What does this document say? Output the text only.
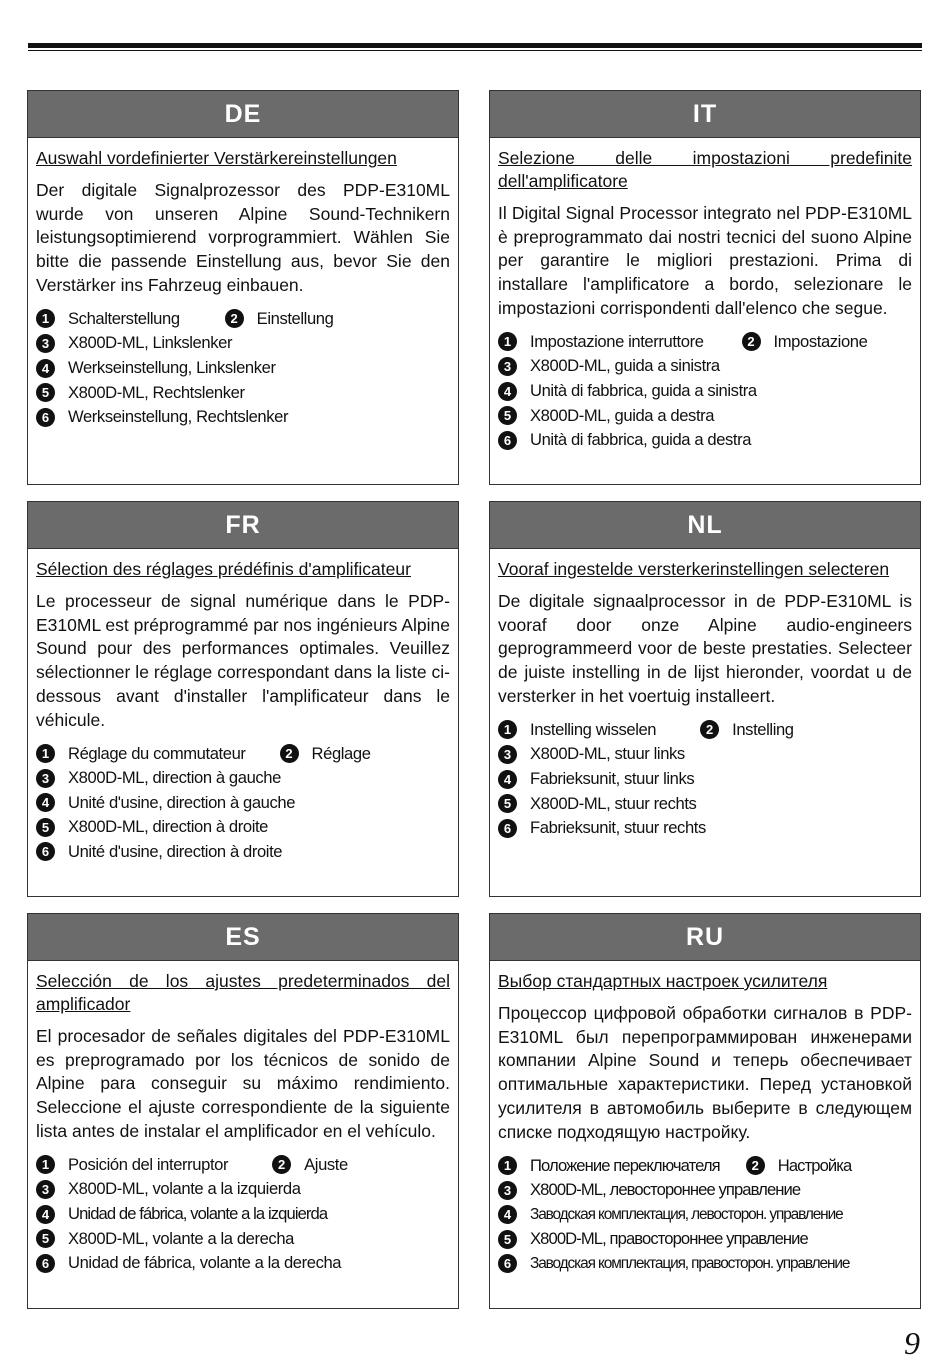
DE

Auswahl vordefinierter Verstärkereinstellungen

Der digitale Signalprozessor des PDP-E310ML wurde von unseren Alpine Sound-Technikern leistungsoptimierend vorprogrammiert. Wählen Sie bitte die passende Einstellung aus, bevor Sie den Verstärker ins Fahrzeug einbauen.

1	Schalterstellung	2	Einstellung
3	X800D-ML, Linkslenker
4	Werkseinstellung, Linkslenker
5	X800D-ML, Rechtslenker
6	Werkseinstellung, Rechtslenker
IT

Selezione delle impostazioni predefinite dell'amplificatore

Il Digital Signal Processor integrato nel PDP-E310ML è preprogrammato dai nostri tecnici del suono Alpine per garantire le migliori prestazioni. Prima di installare l'amplificatore a bordo, selezionare le impostazioni corrispondenti dall'elenco che segue.

1	Impostazione interruttore	2	Impostazione
3	X800D-ML, guida a sinistra
4	Unità di fabbrica, guida a sinistra
5	X800D-ML, guida a destra
6	Unità di fabbrica, guida a destra
FR

Sélection des réglages prédéfinis d'amplificateur

Le processeur de signal numérique dans le PDP-E310ML est préprogrammé par nos ingénieurs Alpine Sound pour des performances optimales. Veuillez sélectionner le réglage correspondant dans la liste ci-dessous avant d'installer l'amplificateur dans le véhicule.

1	Réglage du commutateur	2	Réglage
3	X800D-ML, direction à gauche
4	Unité d'usine, direction à gauche
5	X800D-ML, direction à droite
6	Unité d'usine, direction à droite
NL

Vooraf ingestelde versterkerinstellingen selecteren

De digitale signaalprocessor in de PDP-E310ML is vooraf door onze Alpine audio-engineers geprogrammeerd voor de beste prestaties. Selecteer de juiste instelling in de lijst hieronder, voordat u de versterker in het voertuig installeert.

1	Instelling wisselen	2	Instelling
3	X800D-ML, stuur links
4	Fabrieksunit, stuur links
5	X800D-ML, stuur rechts
6	Fabrieksunit, stuur rechts
ES

Selección de los ajustes predeterminados del amplificador

El procesador de señales digitales del PDP-E310ML es preprogramado por los técnicos de sonido de Alpine para conseguir su máximo rendimiento. Seleccione el ajuste correspondiente de la siguiente lista antes de instalar el amplificador en el vehículo.

1	Posición del interruptor	2	Ajuste
3	X800D-ML, volante a la izquierda
4	Unidad de fábrica, volante a la izquierda
5	X800D-ML, volante a la derecha
6	Unidad de fábrica, volante a la derecha
RU

Выбор стандартных настроек усилителя

Процессор цифровой обработки сигналов в PDP-E310ML был перепрограммирован инженерами компании Alpine Sound и теперь обеспечивает оптимальные характеристики. Перед установкой усилителя в автомобиль выберите в следующем списке подходящую настройку.

1	Положение переключателя	2	Настройка
3	X800D-ML, левостороннее управление
4	Заводская комплектация, левосторон. управление
5	X800D-ML, правостороннее управление
6	Заводская комплектация, правосторон. управление
9
